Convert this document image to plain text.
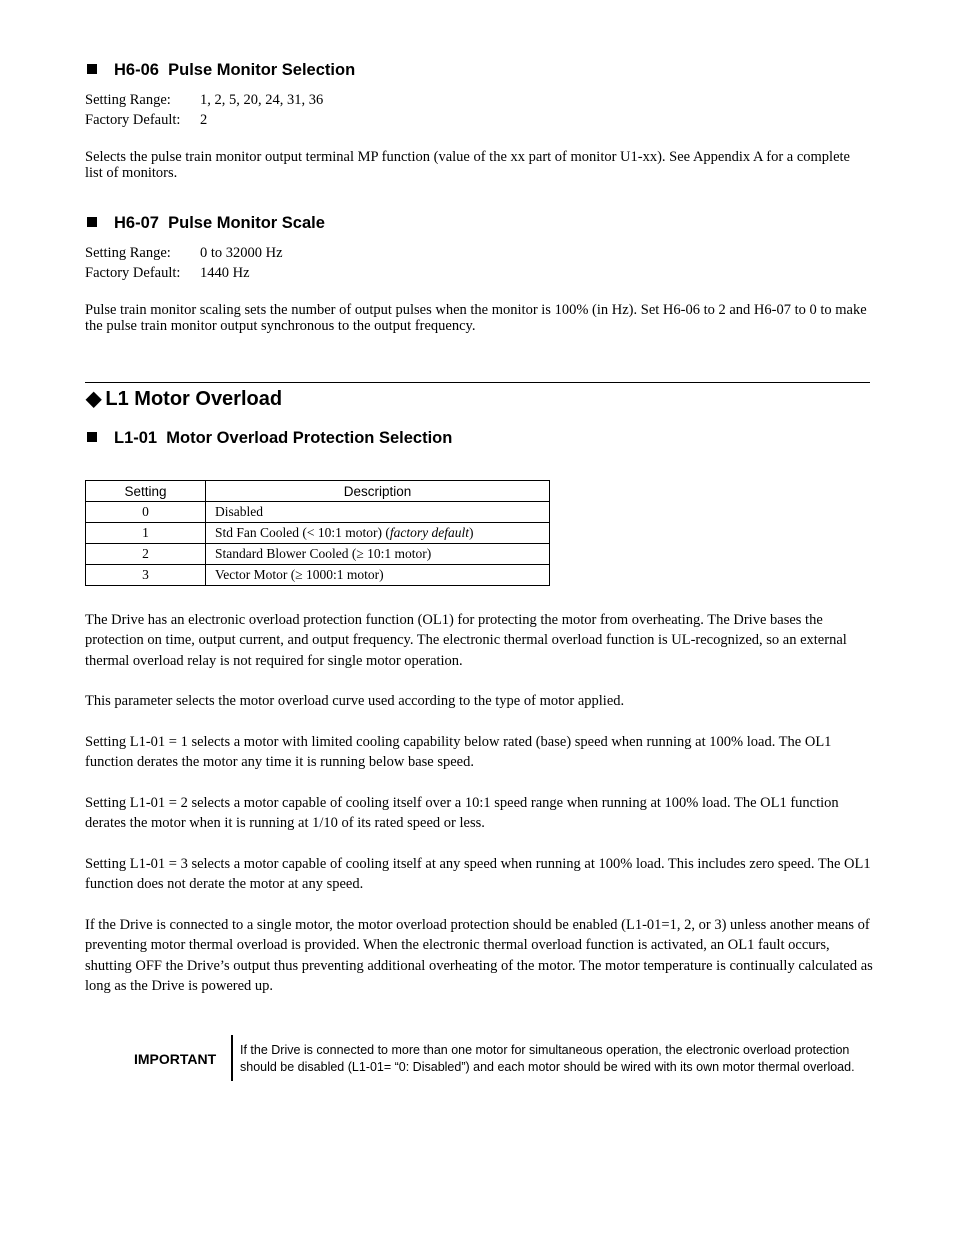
H6-06 Pulse Monitor Selection
Setting Range:	1, 2, 5, 20, 24, 31, 36
Factory Default:	2
Selects the pulse train monitor output terminal MP function (value of the xx part of monitor U1-xx). See Appendix A for a complete list of monitors.
H6-07 Pulse Monitor Scale
Setting Range:	0 to 32000 Hz
Factory Default:	1440 Hz
Pulse train monitor scaling sets the number of output pulses when the monitor is 100% (in Hz). Set H6-06 to 2 and H6-07 to 0 to make the pulse train monitor output synchronous to the output frequency.
◆ L1 Motor Overload
L1-01 Motor Overload Protection Selection
Setting	Description
0	Disabled
1	Std Fan Cooled (< 10:1 motor) (factory default)
2	Standard Blower Cooled (≥ 10:1 motor)
3	Vector Motor (≥ 1000:1 motor)
The Drive has an electronic overload protection function (OL1) for protecting the motor from overheating. The Drive bases the protection on time, output current, and output frequency. The electronic thermal overload function is UL-recognized, so an external thermal overload relay is not required for single motor operation.
This parameter selects the motor overload curve used according to the type of motor applied.
Setting L1-01 = 1 selects a motor with limited cooling capability below rated (base) speed when running at 100% load. The OL1 function derates the motor any time it is running below base speed.
Setting L1-01 = 2 selects a motor capable of cooling itself over a 10:1 speed range when running at 100% load. The OL1 function derates the motor when it is running at 1/10 of its rated speed or less.
Setting L1-01 = 3 selects a motor capable of cooling itself at any speed when running at 100% load. This includes zero speed. The OL1 function does not derate the motor at any speed.
If the Drive is connected to a single motor, the motor overload protection should be enabled (L1-01=1, 2, or 3) unless another means of preventing motor thermal overload is provided. When the electronic thermal overload function is activated, an OL1 fault occurs, shutting OFF the Drive’s output thus preventing additional overheating of the motor. The motor temperature is continually calculated as long as the Drive is powered up.
IMPORTANT
If the Drive is connected to more than one motor for simultaneous operation, the electronic overload protection should be disabled (L1-01= “0: Disabled”) and each motor should be wired with its own motor thermal overload.
